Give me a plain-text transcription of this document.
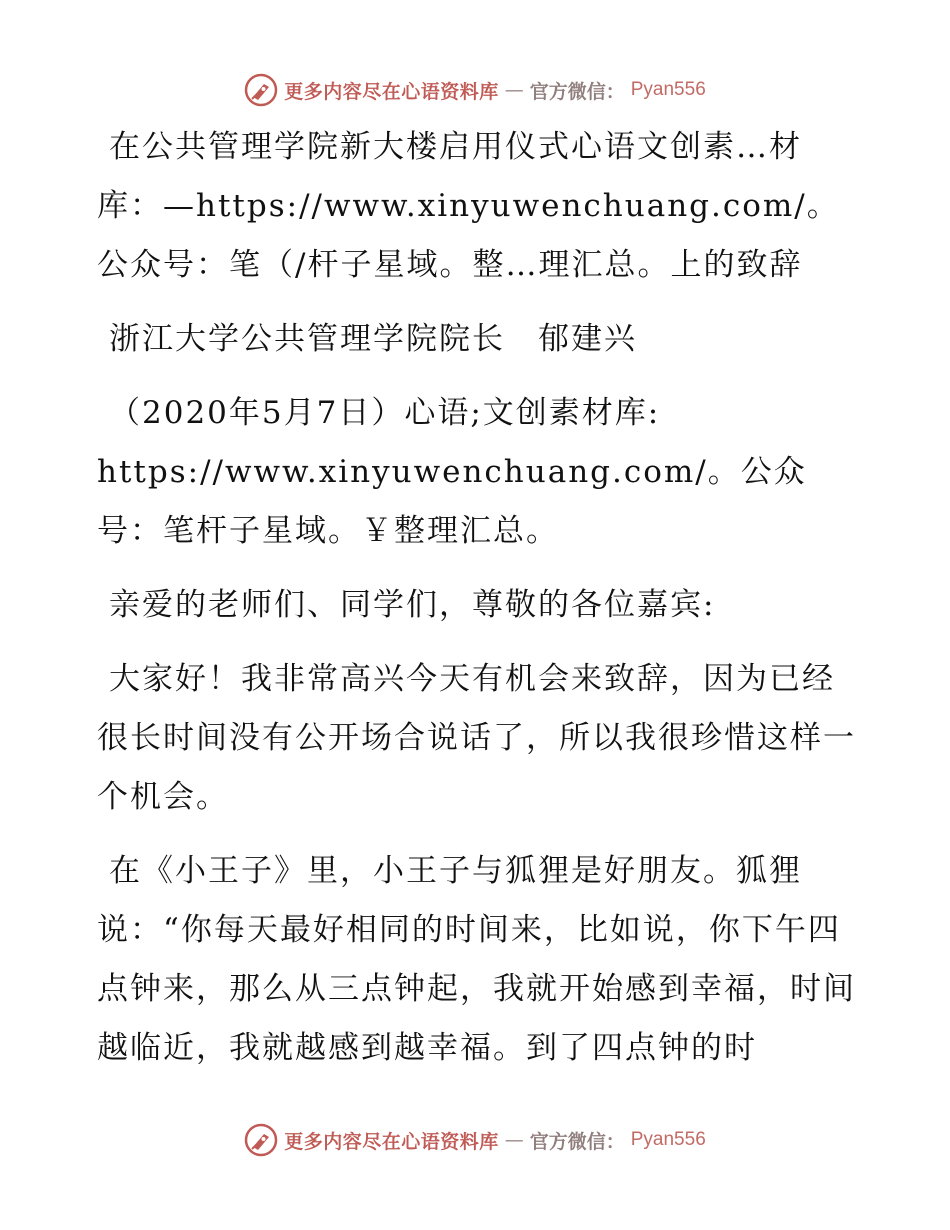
更多内容尽在心语资料库 — 官方微信： Pyan556

在公共管理学院新大楼启用仪式心语文创素…材库：—https://www.xinyuwenchuang.com/。公众号：笔（/杆子星域。整…理汇总。上的致辞

浙江大学公共管理学院院长　郁建兴

（2020年5月7日）心语;文创素材库:

https://www.xinyuwenchuang.com/。公众号：笔杆子星域。￥整理汇总。

亲爱的老师们、同学们，尊敬的各位嘉宾:

大家好！我非常高兴今天有机会来致辞，因为已经很长时间没有公开场合说话了，所以我很珍惜这样一个机会。

在《小王子》里，小王子与狐狸是好朋友。狐狸说：“你每天最好相同的时间来，比如说，你下午四点钟来，那么从三点钟起，我就开始感到幸福，时间越临近，我就越感到越幸福。到了四点钟的时

更多内容尽在心语资料库 — 官方微信： Pyan556
